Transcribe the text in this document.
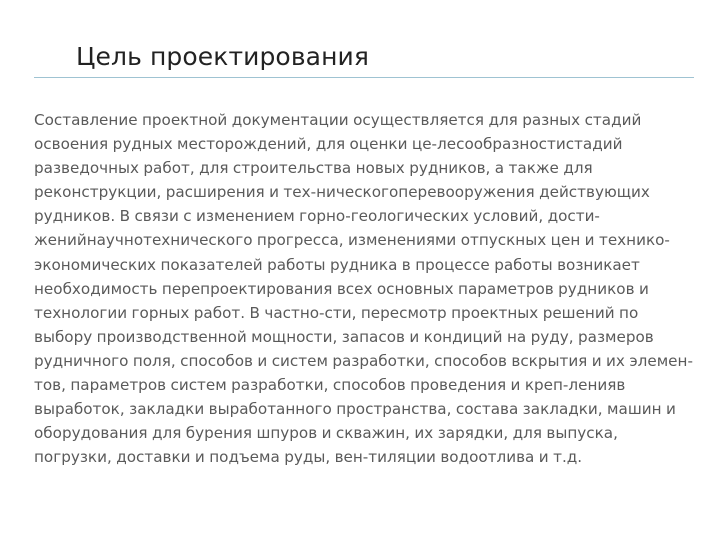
Цель проектирования

Составление проектной документации осуществляется для разных стадий освоения рудных месторождений, для оценки це-лесообразностистадий разведочных работ, для строительства новых рудников, а также для реконструкции, расширения и тех-ническогоперевооружения действующих рудников. В связи с изменением горно-геологических условий, дости-женийнаучнотехнического прогресса, изменениями отпускных цен и технико-экономических показателей работы рудника в процессе работы возникает необходимость перепроектирования всех основных параметров рудников и технологии горных работ. В частно-сти, пересмотр проектных решений по выбору производственной мощности, запасов и кондиций на руду, размеров рудничного поля, способов и систем разработки, способов вскрытия и их элемен-тов, параметров систем разработки, способов проведения и креп-ленияв выработок, закладки выработанного пространства, состава закладки, машин и оборудования для бурения шпуров и скважин, их зарядки, для выпуска, погрузки, доставки и подъема руды, вен-тиляции водоотлива и т.д.
